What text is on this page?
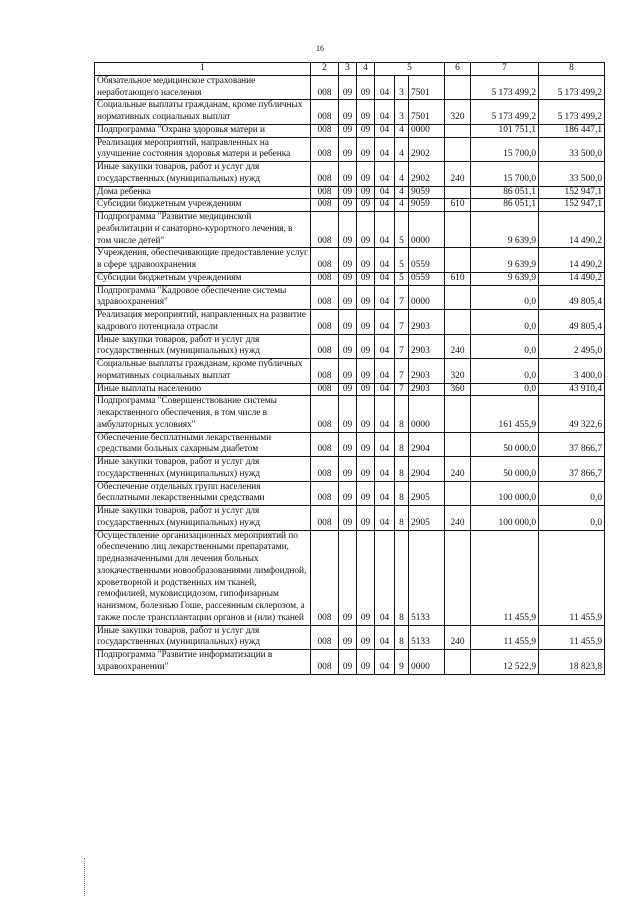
16
1	2	3	4	5			6	7	8
Обязательное медицинское страхование неработающего населения	008	09	09	04	3	7501		5 173 499,2	5 173 499,2
Социальные выплаты гражданам, кроме публичных нормативных социальных выплат	008	09	09	04	3	7501	320	5 173 499,2	5 173 499,2
Подпрограмма "Охрана здоровья матери и	008	09	09	04	4	0000		101 751,1	186 447,1
Реализация мероприятий, направленных на улучшение состояния здоровья матери и ребенка	008	09	09	04	4	2902		15 700,0	33 500,0
Иные закупки товаров, работ и услуг для государственных (муниципальных) нужд	008	09	09	04	4	2902	240	15 700,0	33 500,0
Дома ребенка	008	09	09	04	4	9059		86 051,1	152 947,1
Субсидии бюджетным учреждениям	008	09	09	04	4	9059	610	86 051,1	152 947,1
Подпрограмма "Развитие медицинской реабилитации и санаторно-курортного лечения, в том числе детей"	008	09	09	04	5	0000		9 639,9	14 490,2
Учреждения, обеспечивающие предоставление услуг в сфере здравоохранения	008	09	09	04	5	0559		9 639,9	14 490,2
Субсидии бюджетным учреждениям	008	09	09	04	5	0559	610	9 639,9	14 490,2
Подпрограмма "Кадровое обеспечение системы здравоохранения"	008	09	09	04	7	0000		0,0	49 805,4
Реализация мероприятий, направленных на развитие кадрового потенциала отрасли	008	09	09	04	7	2903		0,0	49 805,4
Иные закупки товаров, работ и услуг для государственных (муниципальных) нужд	008	09	09	04	7	2903	240	0,0	2 495,0
Социальные выплаты гражданам, кроме публичных нормативных социальных выплат	008	09	09	04	7	2903	320	0,0	3 400,0
Иные выплаты населению	008	09	09	04	7	2903	360	0,0	43 910,4
Подпрограмма "Совершенствование системы лекарственного обеспечения, в том числе в амбулаторных условиях"	008	09	09	04	8	0000		161 455,9	49 322,6
Обеспечение бесплатными лекарственными средствами больных сахарным диабетом	008	09	09	04	8	2904		50 000,0	37 866,7
Иные закупки товаров, работ и услуг для государственных (муниципальных) нужд	008	09	09	04	8	2904	240	50 000,0	37 866,7
Обеспечение отдельных групп населения бесплатными лекарственными средствами	008	09	09	04	8	2905		100 000,0	0,0
Иные закупки товаров, работ и услуг для государственных (муниципальных) нужд	008	09	09	04	8	2905	240	100 000,0	0,0
Осуществление организационных мероприятий по обеспечению лиц лекарственными препаратами, предназначенными для лечения больных злокачественными новообразованиями лимфоидной, кроветворной и родственных им тканей, гемофилией, муковисцидозом, гипофизарным нанизмом, болезнью Гоше, рассеянным склерозом, а также после трансплантации органов и (или) тканей	008	09	09	04	8	5133		11 455,9	11 455,9
Иные закупки товаров, работ и услуг для государственных (муниципальных) нужд	008	09	09	04	8	5133	240	11 455,9	11 455,9
Подпрограмма "Развитие информатизации в здравоохранении"	008	09	09	04	9	0000		12 522,9	18 823,8
